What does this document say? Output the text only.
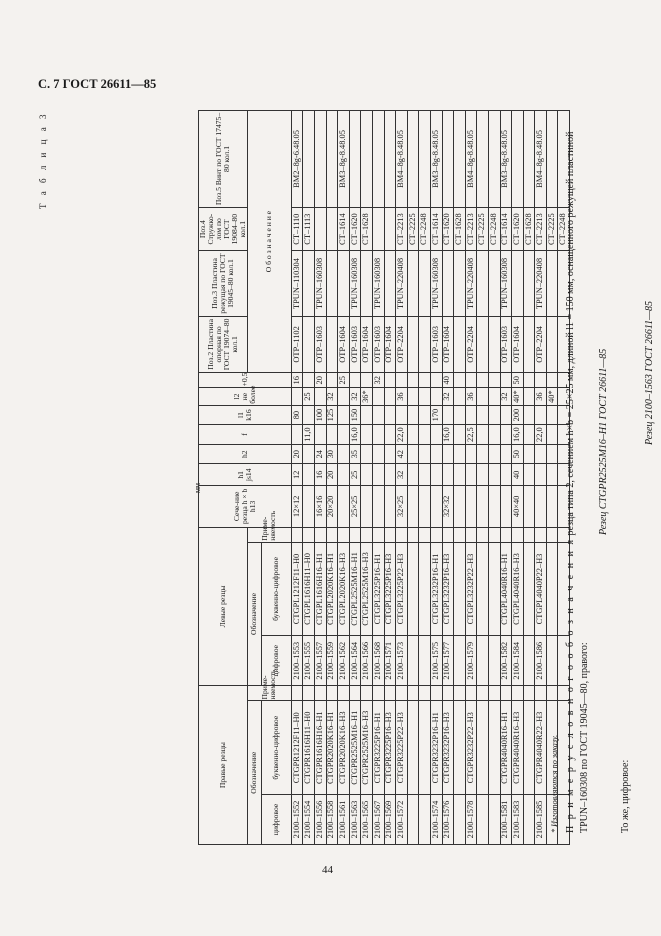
С. 7 ГОСТ 26611—85
Т а б л и ц а 3
мм
Правые резцы			Левые резцы			Сече-ние резца h × b h13	h1 js14	h2	f	l1 k16	l2 не более	+0,5	Поз.2 Пластина опорная по ГОСТ 19074–80 кол.1	Поз.3 Пластина режущая по ГОСТ 19045–80 кол.1	Поз.4 Стружко-лом по ГОСТ 19084–80 кол.1	Поз.5 Винт по ГОСТ 17475–80 кол.1
Обозначение		Примe-няемость	Обозначение		Примe-няемость								О б о з н а ч е н и е			
цифровое	буквенно-цифровое		цифровое	буквенно-цифровое												
2100–1552	CTGPR1212F11–H0		2100–1553	CTGPL1212F11–H0		12×12	12	20		80		16	OTP–1102	TPUN–110304	CT–1110	BM2–8g-6.48.05
2100–1554	CTGPR1616H11–H0		2100–1555	CTGPL1616H11–H0					11,0		25				CT–1113	
2100–1556	CTGPR1616H16–H1		2100–1557	CTGPL1616H16–H1		16×16	16	24		100		20	OTP–1603	TPUN–160308		
2100–1558	CTGPR2020K16–H1		2100–1559	CTGPL2020K16–H1		20×20	20	30		125	32					
2100–1561	CTGPR2020K16–H3		2100–1562	CTGPL2020K16–H3								25	OTP–1604		CT–1614	BM3–8g-8.48.05
2100–1563	CTGPR2525M16–H1		2100–1564	CTGPL2525M16–H1		25×25	25	35	16,0	150	32		OTP–1603	TPUN–160308	CT–1620	
2100–1565	CTGPR2525M16–H3		2100–1566	CTGPL2525M16–H3							36*		OTP–1604		CT–1628	
2100–1567	CTGPR3225P16–H1		2100–1568	CTGPL3225P16–H1								32	OTP–1603	TPUN–160308		
2100–1569	CTGPR3225P16–H3		2100–1571	CTGPL3225P16–H3									OTP–1604			
2100–1572	CTGPR3225P22–H3		2100–1573	CTGPL3225P22–H3		32×25	32	42	22,0		36		OTP–2204	TPUN–220408	CT–2213	BM4–8g-8.48.05
															CT–2225	
															CT–2248	
2100–1574	CTGPR3232P16–H1		2100–1575	CTGPL3232P16–H1						170			OTP–1603	TPUN–160308	CT–1614	BM3–8g-8.48.05
2100–1576	CTGPR3232P16–H3		2100–1577	CTGPL3232P16–H3		32×32			16,0		32	40	OTP–1604		CT–1620	
															CT–1628	
2100–1578	CTGPR3232P22–H3		2100–1579	CTGPL3232P22–H3					22,5		36		OTP–2204	TPUN–220408	CT–2213	BM4–8g-8.48.05
															CT–2225	
															CT–2248	
2100–1581	CTGPR4040R16–H1		2100–1582	CTGPL4040R16–H1							32		OTP–1603	TPUN–160308	CT–1614	BM3–8g-8.48.05
2100–1583	CTGPR4040R16–H3		2100–1584	CTGPL4040R16–H3		40×40	40	50	16,0	200	40*	50	OTP–1604		CT–1620	
															CT–1628	
2100–1585	CTGPR4040R22–H3		2100–1586	CTGPL4040P22–H3					22,0		36		OTP–2204	TPUN–220408	CT–2213	BM4–8g-8.48.05
											40*				CT–2225	
															CT–2248	
* Изготовляются по заказу. П р и м е р у с л о в н о г о о б о з н а ч е н и я резца типа 2, сечением h×b = 25×25 мм, длиной l1 = 150 мм, оснащенного режущей пластиной TPUN–160308 по ГОСТ 19045—80, правого:
Резец CTGPR2525M16–H1 ГОСТ 26611—85
То же, цифровое:
Резец 2100–1563 ГОСТ 26611—85
44
